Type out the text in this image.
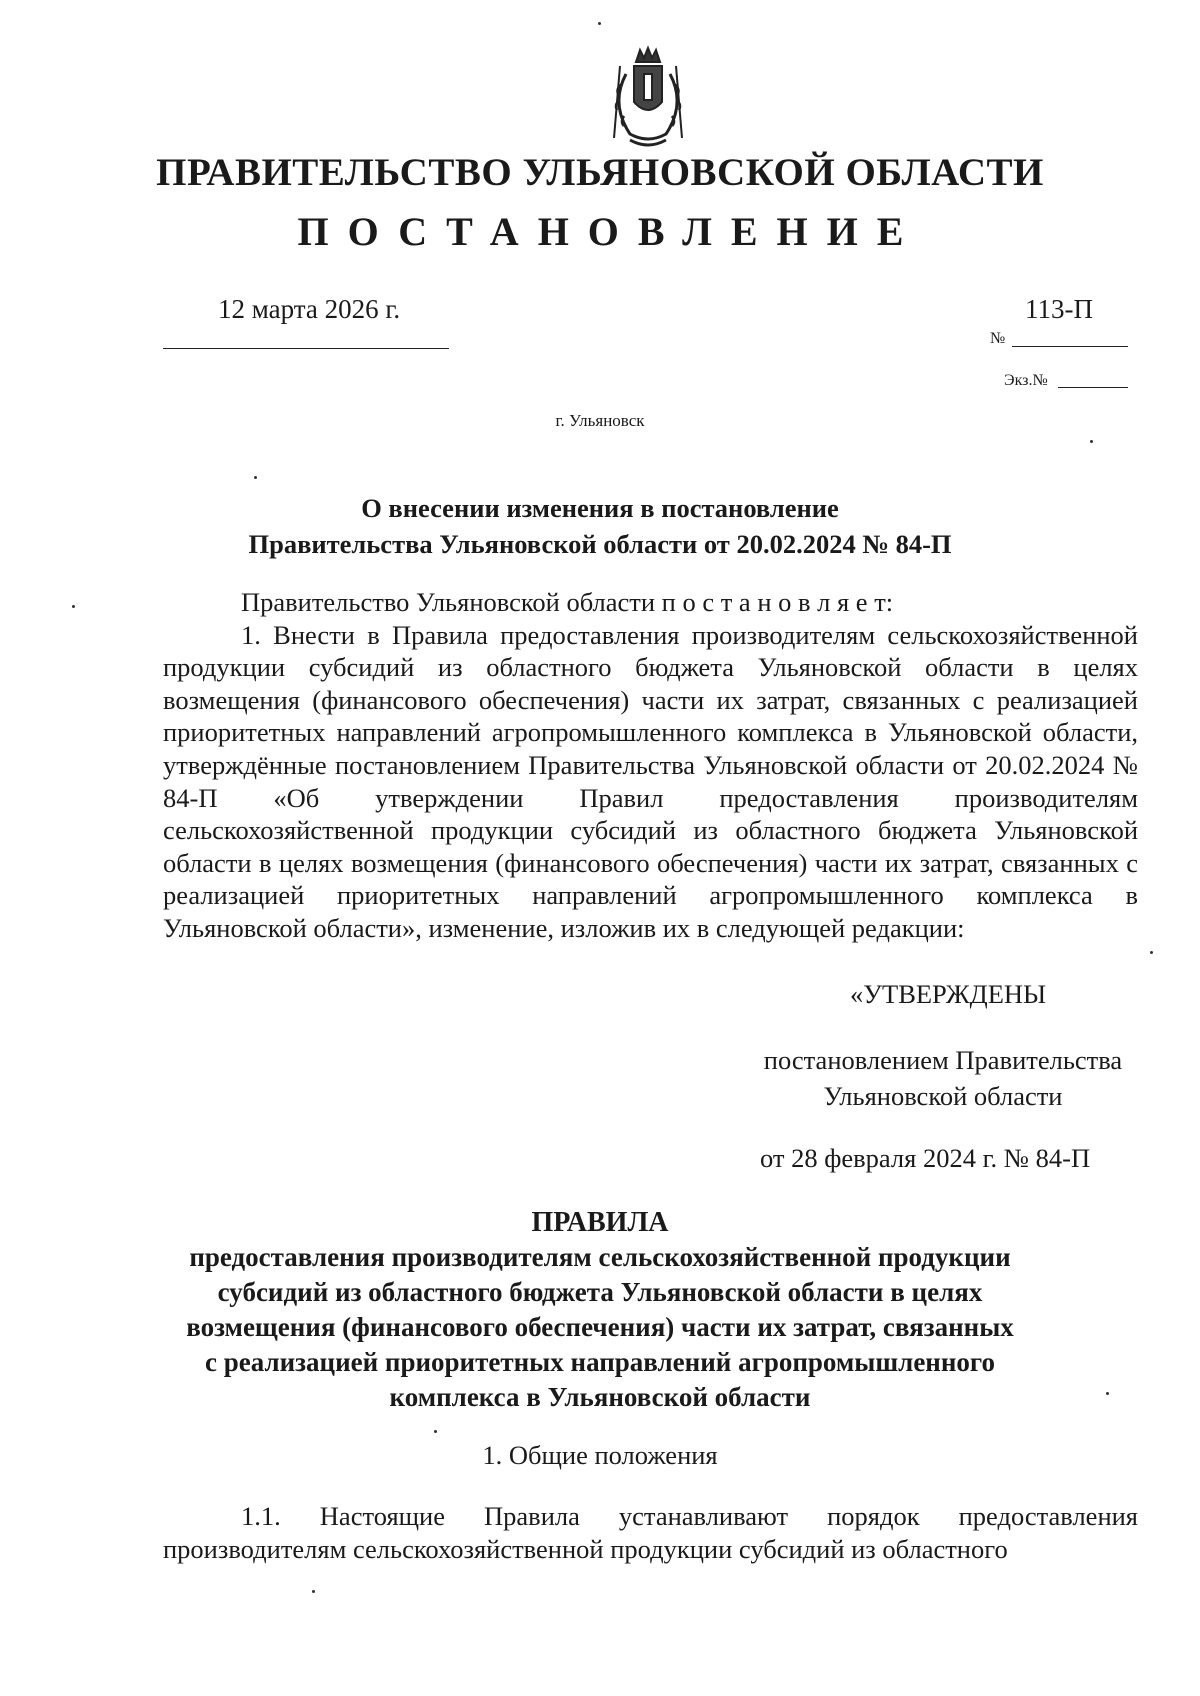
ПРАВИТЕЛЬСТВО УЛЬЯНОВСКОЙ ОБЛАСТИ
ПОСТАНОВЛЕНИЕ
12 марта 2026 г.	113-П
№
Экз.№
г. Ульяновск
О внесении изменения в постановление
Правительства Ульяновской области от 20.02.2024 № 84-П
Правительство Ульяновской области п о с т а н о в л я е т:
1. Внести в Правила предоставления производителям сельскохозяйственной продукции субсидий из областного бюджета Ульяновской области в целях возмещения (финансового обеспечения) части их затрат, связанных с реализацией приоритетных направлений агропромышленного комплекса в Ульяновской области, утверждённые постановлением Правительства Ульяновской области от 20.02.2024 № 84-П «Об утверждении Правил предоставления производителям сельскохозяйственной продукции субсидий из областного бюджета Ульяновской области в целях возмещения (финансового обеспечения) части их затрат, связанных с реализацией приоритетных направлений агропромышленного комплекса в Ульяновской области», изменение, изложив их в следующей редакции:
«УТВЕРЖДЕНЫ
постановлением Правительства
Ульяновской области
от 28 февраля 2024 г. № 84-П
ПРАВИЛА
предоставления производителям сельскохозяйственной продукции
субсидий из областного бюджета Ульяновской области в целях
возмещения (финансового обеспечения) части их затрат, связанных
с реализацией приоритетных направлений агропромышленного
комплекса в Ульяновской области
1. Общие положения
1.1. Настоящие Правила устанавливают порядок предоставления производителям сельскохозяйственной продукции субсидий из областного
